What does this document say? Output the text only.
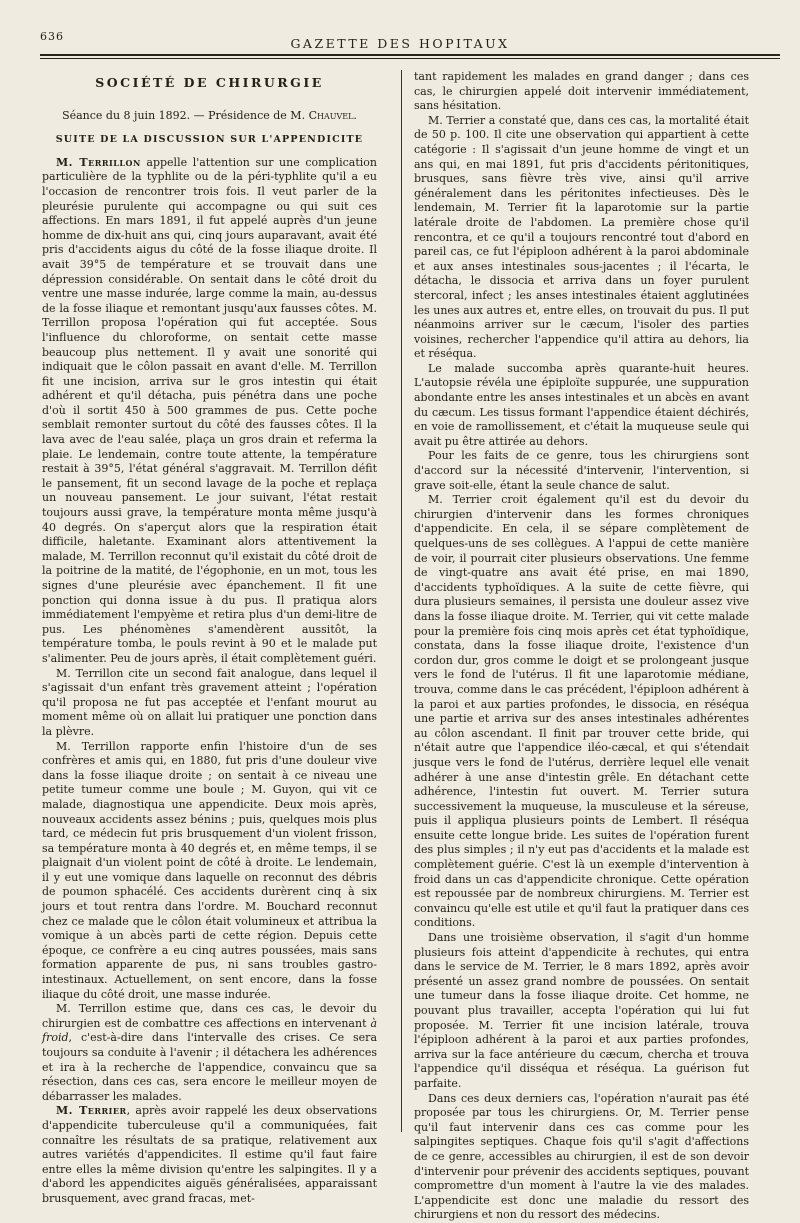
636	GAZETTE DES HOPITAUX
SOCIÉTÉ DE CHIRURGIE
Séance du 8 juin 1892. — Présidence de M. Chauvel.
SUITE DE LA DISCUSSION SUR L'APPENDICITE

M. Terrillon appelle l'attention sur une complication particulière de la typhlite ou de la péri-typhlite qu'il a eu l'occasion de rencontrer trois fois. Il veut parler de la pleurésie purulente qui accompagne ou qui suit ces affections. En mars 1891, il fut appelé auprès d'un jeune homme de dix-huit ans qui, cinq jours auparavant, avait été pris d'accidents aigus du côté de la fosse iliaque droite. Il avait 39°5 de température et se trouvait dans une dépression considérable. On sentait dans le côté droit du ventre une masse indurée, large comme la main, au-dessus de la fosse iliaque et remontant jusqu'aux fausses côtes. M. Terrillon proposa l'opération qui fut acceptée. Sous l'influence du chloroforme, on sentait cette masse beaucoup plus nettement. Il y avait une sonorité qui indiquait que le côlon passait en avant d'elle. M. Terrillon fit une incision, arriva sur le gros intestin qui était adhérent et qu'il détacha, puis pénétra dans une poche d'où il sortit 450 à 500 grammes de pus. Cette poche semblait remonter surtout du côté des fausses côtes. Il la lava avec de l'eau salée, plaça un gros drain et referma la plaie. Le lendemain, contre toute attente, la température restait à 39°5, l'état général s'aggravait. M. Terrillon défit le pansement, fit un second lavage de la poche et replaça un nouveau pansement. Le jour suivant, l'état restait toujours aussi grave, la température monta même jusqu'à 40 degrés. On s'aperçut alors que la respiration était difficile, haletante. Examinant alors attentivement la malade, M. Terrillon reconnut qu'il existait du côté droit de la poitrine de la matité, de l'égophonie, en un mot, tous les signes d'une pleurésie avec épanchement. Il fit une ponction qui donna issue à du pus. Il pratiqua alors immédiatement l'empyème et retira plus d'un demi-litre de pus. Les phénomènes s'amendèrent aussitôt, la température tomba, le pouls revint à 90 et le malade put s'alimenter. Peu de jours après, il était complètement guéri.

M. Terrillon cite un second fait analogue, dans lequel il s'agissait d'un enfant très gravement atteint ; l'opération qu'il proposa ne fut pas acceptée et l'enfant mourut au moment même où on allait lui pratiquer une ponction dans la plèvre.

M. Terrillon rapporte enfin l'histoire d'un de ses confrères et amis qui, en 1880, fut pris d'une douleur vive dans la fosse iliaque droite ; on sentait à ce niveau une petite tumeur comme une boule ; M. Guyon, qui vit ce malade, diagnostiqua une appendicite. Deux mois après, nouveaux accidents assez bénins ; puis, quelques mois plus tard, ce médecin fut pris brusquement d'un violent frisson, sa température monta à 40 degrés et, en même temps, il se plaignait d'un violent point de côté à droite. Le lendemain, il y eut une vomique dans laquelle on reconnut des débris de poumon sphacélé. Ces accidents durèrent cinq à six jours et tout rentra dans l'ordre. M. Bouchard reconnut chez ce malade que le côlon était volumineux et attribua la vomique à un abcès parti de cette région. Depuis cette époque, ce confrère a eu cinq autres poussées, mais sans formation apparente de pus, ni sans troubles gastro-intestinaux. Actuellement, on sent encore, dans la fosse iliaque du côté droit, une masse indurée.

M. Terrillon estime que, dans ces cas, le devoir du chirurgien est de combattre ces affections en intervenant à froid, c'est-à-dire dans l'intervalle des crises. Ce sera toujours sa conduite à l'avenir ; il détachera les adhérences et ira à la recherche de l'appendice, convaincu que sa résection, dans ces cas, sera encore le meilleur moyen de débarrasser les malades.

M. Terrier, après avoir rappelé les deux observations d'appendicite tuberculeuse qu'il a communiquées, fait connaître les résultats de sa pratique, relativement aux autres variétés d'appendicites. Il estime qu'il faut faire entre elles la même division qu'entre les salpingites. Il y a d'abord les appendicites aiguës généralisées, apparaissant brusquement, avec grand fracas, met-

tant rapidement les malades en grand danger ; dans ces cas, le chirurgien appelé doit intervenir immédiatement, sans hésitation.

M. Terrier a constaté que, dans ces cas, la mortalité était de 50 p. 100. Il cite une observation qui appartient à cette catégorie : Il s'agissait d'un jeune homme de vingt et un ans qui, en mai 1891, fut pris d'accidents péritonitiques, brusques, sans fièvre très vive, ainsi qu'il arrive généralement dans les péritonites infectieuses. Dès le lendemain, M. Terrier fit la laparotomie sur la partie latérale droite de l'abdomen. La première chose qu'il rencontra, et ce qu'il a toujours rencontré tout d'abord en pareil cas, ce fut l'épiploon adhérent à la paroi abdominale et aux anses intestinales sous-jacentes ; il l'écarta, le détacha, le dissocia et arriva dans un foyer purulent stercoral, infect ; les anses intestinales étaient agglutinées les unes aux autres et, entre elles, on trouvait du pus. Il put néanmoins arriver sur le cæcum, l'isoler des parties voisines, rechercher l'appendice qu'il attira au dehors, lia et réséqua.

Le malade succomba après quarante-huit heures. L'autopsie révéla une épiploïte suppurée, une suppuration abondante entre les anses intestinales et un abcès en avant du cæcum. Les tissus formant l'appendice étaient déchirés, en voie de ramollissement, et c'était la muqueuse seule qui avait pu être attirée au dehors.

Pour les faits de ce genre, tous les chirurgiens sont d'accord sur la nécessité d'intervenir, l'intervention, si grave soit-elle, étant la seule chance de salut.

M. Terrier croit également qu'il est du devoir du chirurgien d'intervenir dans les formes chroniques d'appendicite. En cela, il se sépare complètement de quelques-uns de ses collègues. A l'appui de cette manière de voir, il pourrait citer plusieurs observations. Une femme de vingt-quatre ans avait été prise, en mai 1890, d'accidents typhoïdiques. A la suite de cette fièvre, qui dura plusieurs semaines, il persista une douleur assez vive dans la fosse iliaque droite. M. Terrier, qui vit cette malade pour la première fois cinq mois après cet état typhoïdique, constata, dans la fosse iliaque droite, l'existence d'un cordon dur, gros comme le doigt et se prolongeant jusque vers le fond de l'utérus. Il fit une laparotomie médiane, trouva, comme dans le cas précédent, l'épiploon adhérent à la paroi et aux parties profondes, le dissocia, en réséqua une partie et arriva sur des anses intestinales adhérentes au côlon ascendant. Il finit par trouver cette bride, qui n'était autre que l'appendice iléo-cæcal, et qui s'étendait jusque vers le fond de l'utérus, derrière lequel elle venait adhérer à une anse d'intestin grêle. En détachant cette adhérence, l'intestin fut ouvert. M. Terrier sutura successivement la muqueuse, la musculeuse et la séreuse, puis il appliqua plusieurs points de Lembert. Il réséqua ensuite cette longue bride. Les suites de l'opération furent des plus simples ; il n'y eut pas d'accidents et la malade est complètement guérie. C'est là un exemple d'intervention à froid dans un cas d'appendicite chronique. Cette opération est repoussée par de nombreux chirurgiens. M. Terrier est convaincu qu'elle est utile et qu'il faut la pratiquer dans ces conditions.

Dans une troisième observation, il s'agit d'un homme plusieurs fois atteint d'appendicite à rechutes, qui entra dans le service de M. Terrier, le 8 mars 1892, après avoir présenté un assez grand nombre de poussées. On sentait une tumeur dans la fosse iliaque droite. Cet homme, ne pouvant plus travailler, accepta l'opération qui lui fut proposée. M. Terrier fit une incision latérale, trouva l'épiploon adhérent à la paroi et aux parties profondes, arriva sur la face antérieure du cæcum, chercha et trouva l'appendice qu'il disséqua et réséqua. La guérison fut parfaite.

Dans ces deux derniers cas, l'opération n'aurait pas été proposée par tous les chirurgiens. Or, M. Terrier pense qu'il faut intervenir dans ces cas comme pour les salpingites septiques. Chaque fois qu'il s'agit d'affections de ce genre, accessibles au chirurgien, il est de son devoir d'intervenir pour prévenir des accidents septiques, pouvant compromettre d'un moment à l'autre la vie des malades. L'appendicite est donc une maladie du ressort des chirurgiens et non du ressort des médecins.
